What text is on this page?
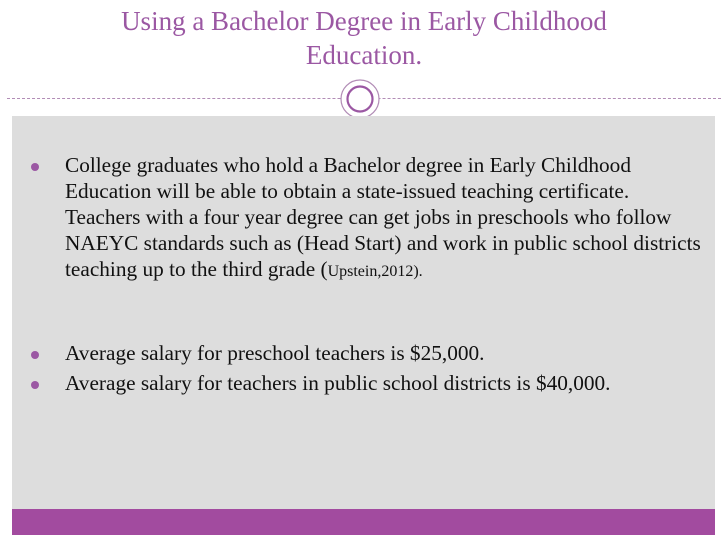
Using a Bachelor Degree in Early Childhood
Education.
College graduates who hold a Bachelor degree in Early Childhood Education will be able to obtain a state-issued teaching certificate. Teachers with a four year degree can get jobs in preschools who follow NAEYC standards such as (Head Start) and work in public school districts teaching up to the third grade (Upstein,2012).
Average salary for preschool teachers is $25,000.
Average salary for teachers in public school districts is $40,000.
